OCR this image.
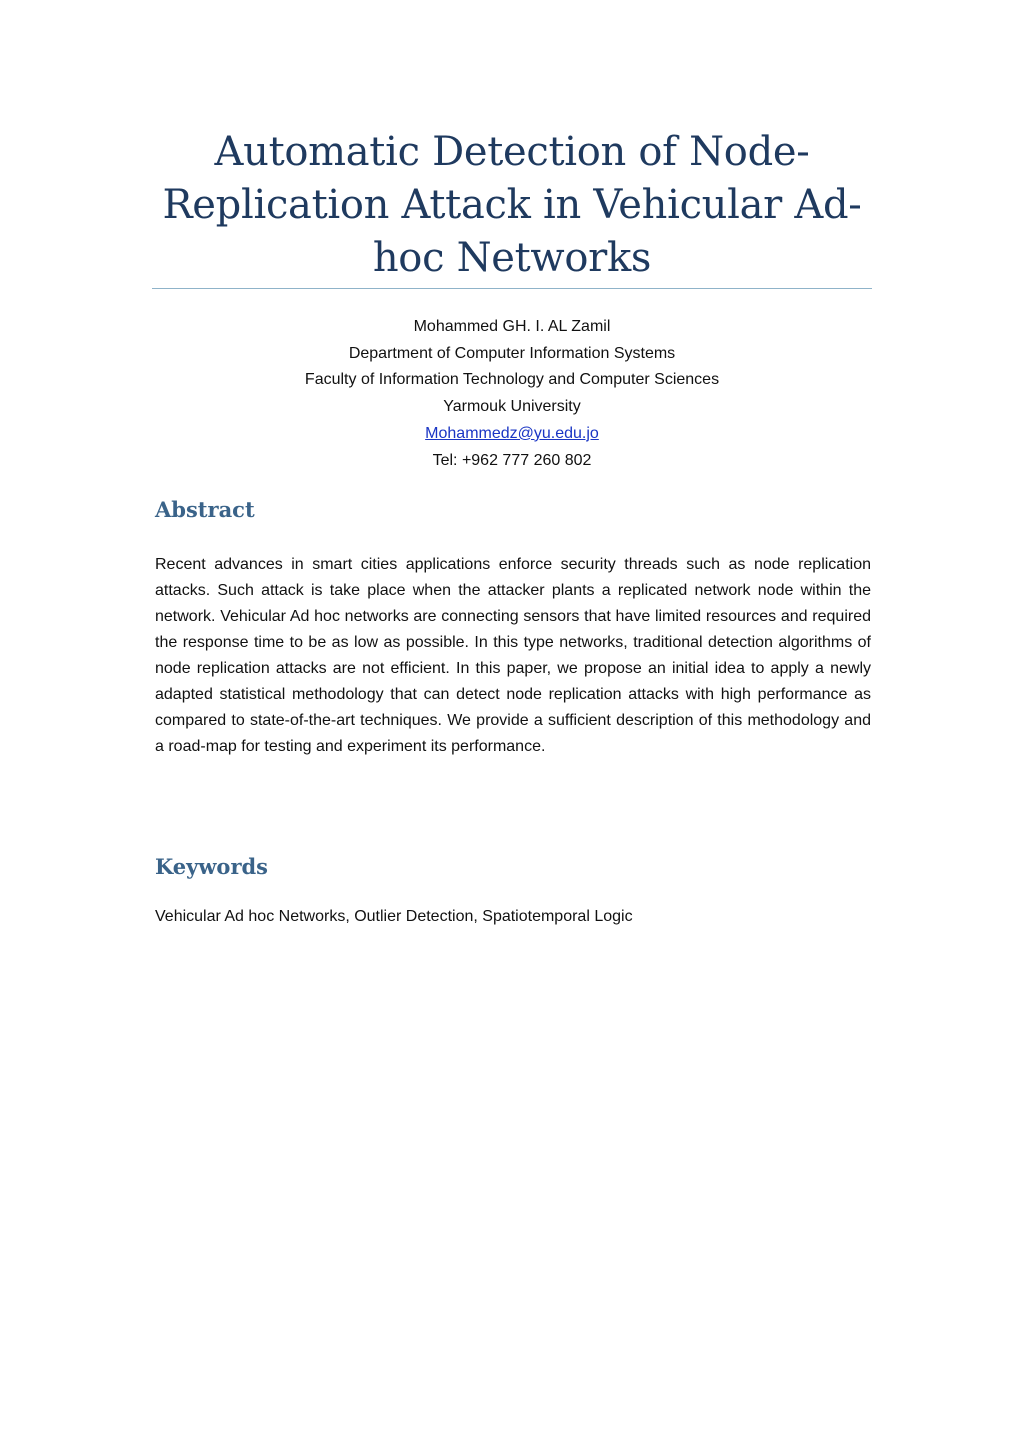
Automatic Detection of Node-
Replication Attack in Vehicular Ad-
hoc Networks
Mohammed GH. I. AL Zamil
Department of Computer Information Systems
Faculty of Information Technology and Computer Sciences
Yarmouk University
Mohammedz@yu.edu.jo
Tel: +962 777 260 802
Abstract

Recent advances in smart cities applications enforce security threads such as node replication attacks. Such attack is take place when the attacker plants a replicated network node within the network. Vehicular Ad hoc networks are connecting sensors that have limited resources and required the response time to be as low as possible. In this type networks, traditional detection algorithms of node replication attacks are not efficient. In this paper, we propose an initial idea to apply a newly adapted statistical methodology that can detect node replication attacks with high performance as compared to state-of-the-art techniques. We provide a sufficient description of this methodology and a road-map for testing and experiment its performance.

Keywords

Vehicular Ad hoc Networks, Outlier Detection, Spatiotemporal Logic
